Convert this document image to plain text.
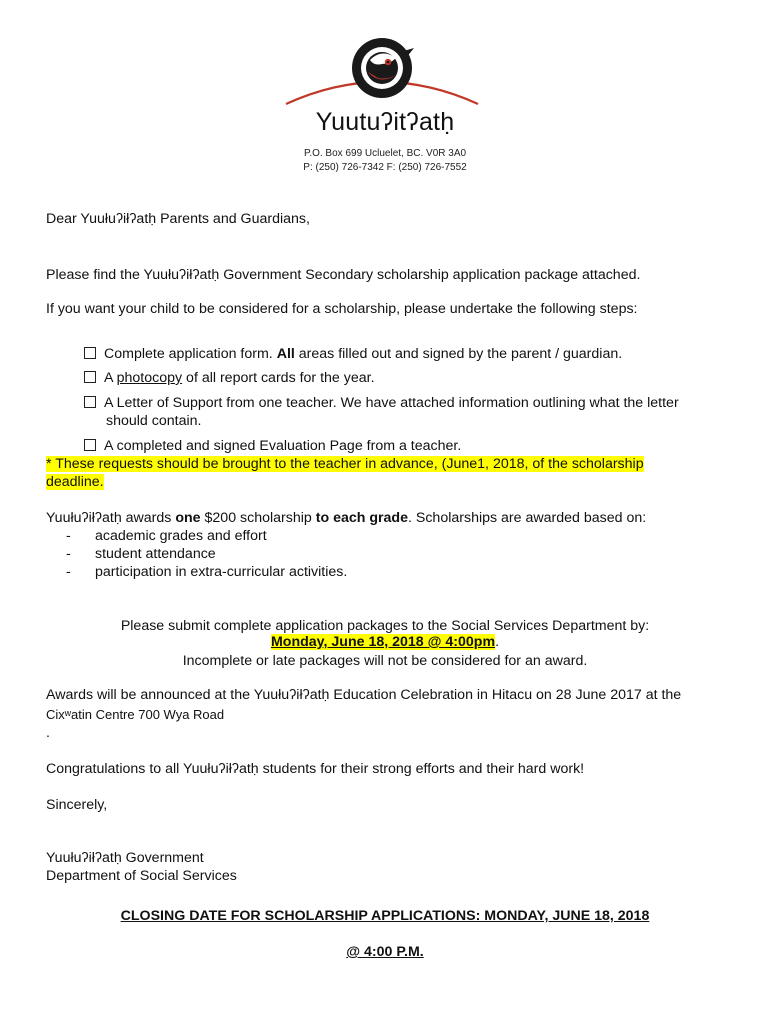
Yuutuʔitʔatḥ
P.O. Box 699 Ucluelet, BC. V0R 3A0
P: (250) 726-7342 F: (250) 726-7552
Dear Yuułuʔiłʔatḥ Parents and Guardians,
Please find the Yuułuʔiłʔatḥ Government Secondary scholarship application package attached.
If you want your child to be considered for a scholarship, please undertake the following steps:
Complete application form. All areas filled out and signed by the parent / guardian.
A photocopy of all report cards for the year.
A Letter of Support from one teacher. We have attached information outlining what the letter
should contain.
A completed and signed Evaluation Page from a teacher.
* These requests should be brought to the teacher in advance, (June1, 2018, of the scholarship
deadline.
Yuułuʔiłʔatḥ awards one $200 scholarship to each grade. Scholarships are awarded based on:
- academic grades and effort
- student attendance
- participation in extra-curricular activities.
Please submit complete application packages to the Social Services Department by:
Monday, June 18, 2018 @ 4:00pm.
Incomplete or late packages will not be considered for an award.
Awards will be announced at the Yuułuʔiłʔatḥ Education Celebration in Hitacu on 28 June 2017 at the
Cixʷatin Centre 700 Wya Road
.
Congratulations to all Yuułuʔiłʔatḥ students for their strong efforts and their hard work!
Sincerely,
Yuułuʔiłʔatḥ Government
Department of Social Services
CLOSING DATE FOR SCHOLARSHIP APPLICATIONS: MONDAY, JUNE 18, 2018
@ 4:00 P.M.
